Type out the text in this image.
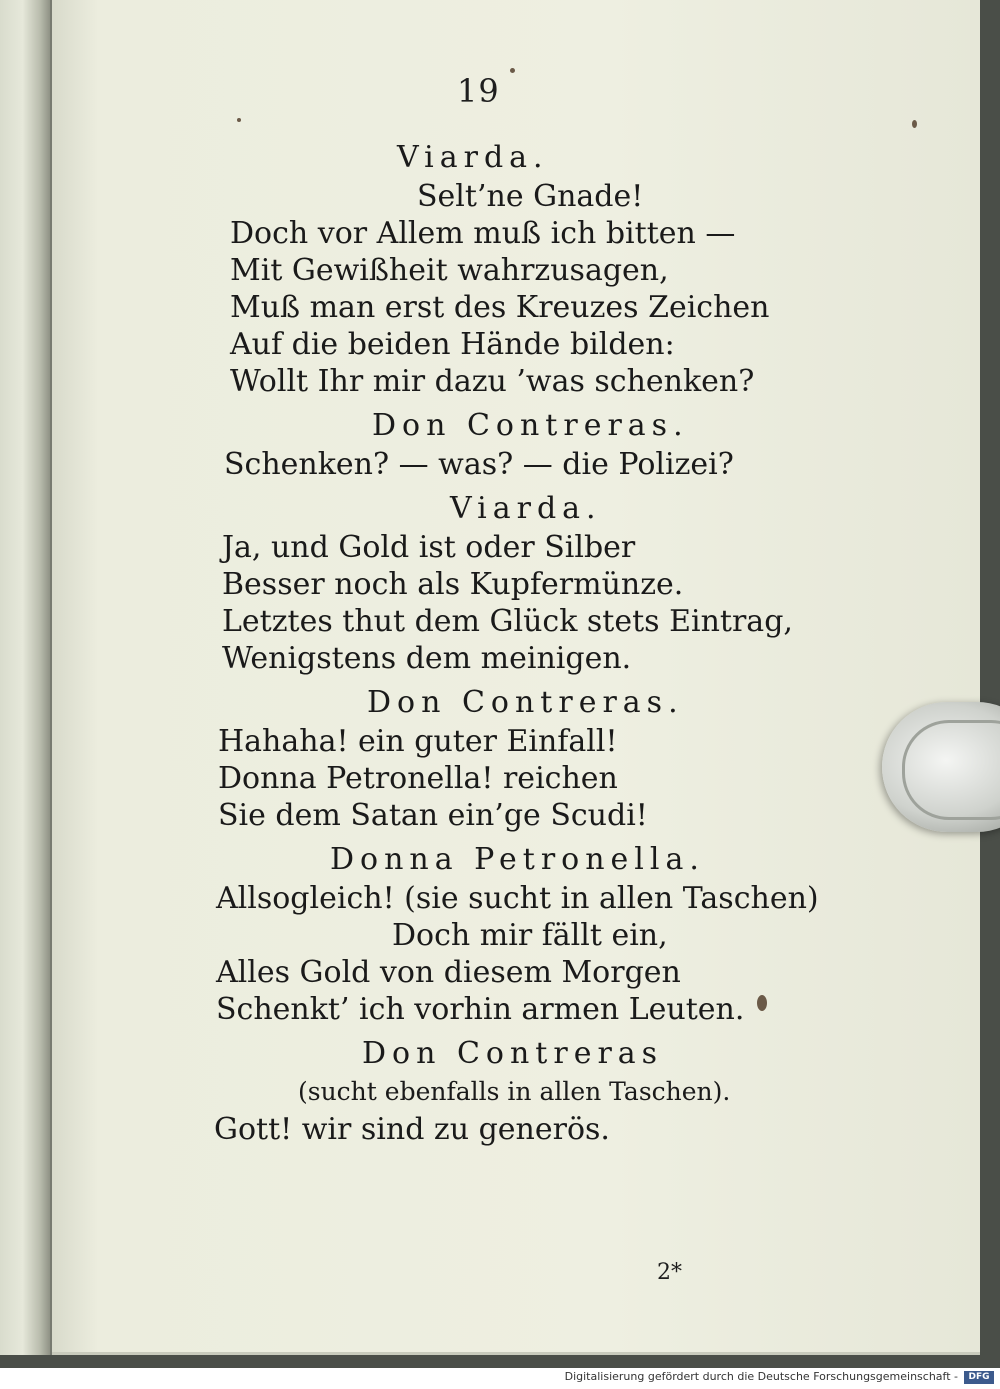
19
Viarda.
Selt’ne Gnade!
Doch vor Allem muß ich bitten —
Mit Gewißheit wahrzusagen,
Muß man erst des Kreuzes Zeichen
Auf die beiden Hände bilden:
Wollt Ihr mir dazu ’was schenken?
Don Contreras.
Schenken? — was? — die Polizei?
Viarda.
Ja, und Gold ist oder Silber
Besser noch als Kupfermünze.
Letztes thut dem Glück stets Eintrag,
Wenigstens dem meinigen.
Don Contreras.
Hahaha! ein guter Einfall!
Donna Petronella! reichen
Sie dem Satan ein’ge Scudi!
Donna Petronella.
Allsogleich! (sie sucht in allen Taschen)
Doch mir fällt ein,
Alles Gold von diesem Morgen
Schenkt’ ich vorhin armen Leuten.
Don Contreras
(sucht ebenfalls in allen Taschen).
Gott! wir sind zu generös.
2*
Digitalisierung gefördert durch die Deutsche Forschungsgemeinschaft -	DFG
